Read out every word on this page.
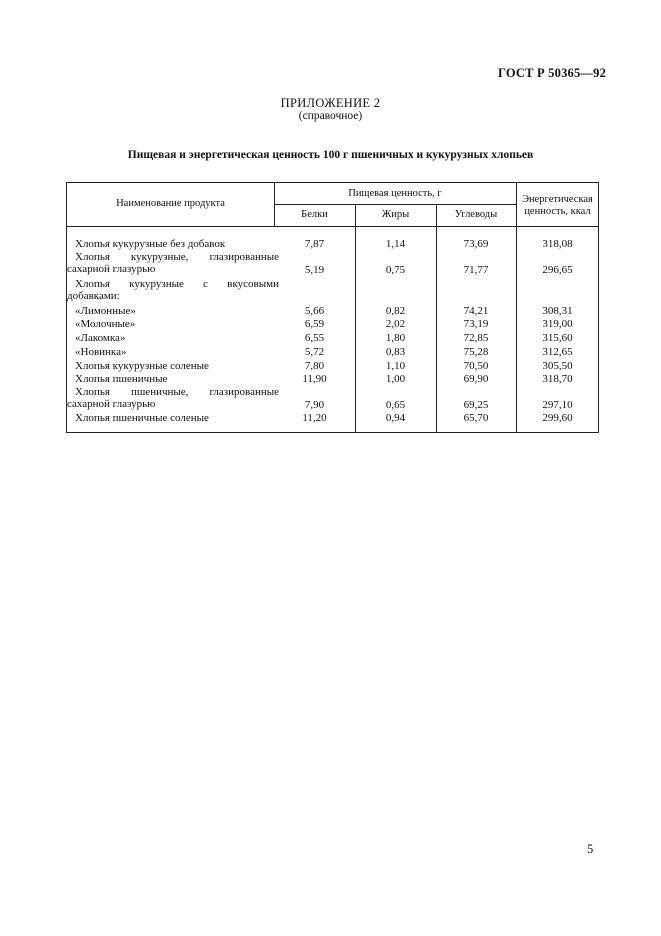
ГОСТ Р 50365—92
ПРИЛОЖЕНИЕ 2
(справочное)
Пищевая и энергетическая ценность 100 г пшеничных и кукурузных хлопьев
Наименование продукта
Пищевая ценность, г
Белки	Жиры	Углеводы
Энергетическая
ценность, ккал
Хлопья кукурузные без добавок	7,87	1,14	73,69	318,08
Хлопья кукурузные, глазированные
сахарной глазурью	5,19	0,75	71,77	296,65
Хлопья кукурузные с вкусовыми
добавками:
«Лимонные»	5,66	0,82	74,21	308,31
«Молочные»	6,59	2,02	73,19	319,00
«Лакомка»	6,55	1,80	72,85	315,60
«Новинка»	5,72	0,83	75,28	312,65
Хлопья кукурузные соленые	7,80	1,10	70,50	305,50
Хлопья пшеничные	11,90	1,00	69,90	318,70
Хлопья пшеничные, глазированные
сахарной глазурью	7,90	0,65	69,25	297,10
Хлопья пшеничные соленые	11,20	0,94	65,70	299,60
5
